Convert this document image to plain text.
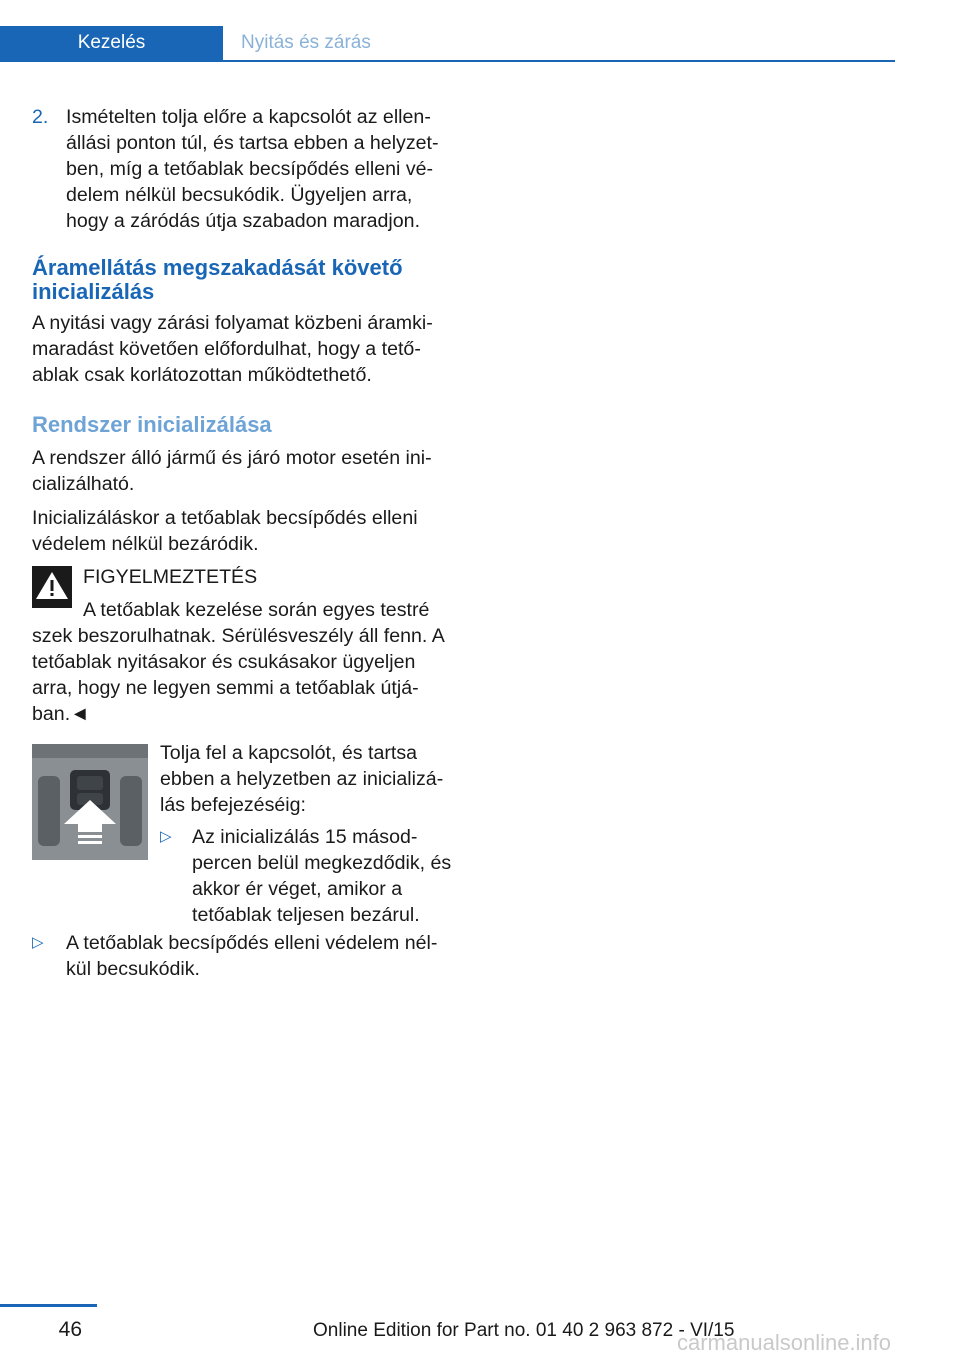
Kezelés	Nyitás és zárás
2. Ismételten tolja előre a kapcsolót az ellenállási ponton túl, és tartsa ebben a helyzetben, míg a tetőablak becsípődés elleni védelem nélkül becsukódik. Ügyeljen arra, hogy a záródás útja szabadon maradjon.

Áramellátás megszakadását követő inicializálás

A nyitási vagy zárási folyamat közbeni áramkimaradást követően előfordulhat, hogy a tetőablak csak korlátozottan működtethető.

Rendszer inicializálása

A rendszer álló jármű és járó motor esetén inicializálható.

Inicializáláskor a tetőablak becsípődés elleni védelem nélkül bezáródik.

FIGYELMEZTETÉS
A tetőablak kezelése során egyes testré

szek beszorulhatnak. Sérülésveszély áll fenn. A tetőablak nyitásakor és csukásakor ügyeljen arra, hogy ne legyen semmi a tetőablak útjában.◄

Tolja fel a kapcsolót, és tartsa ebben a helyzetben az inicializálás befejezéséig:

▷ Az inicializálás 15 másodpercen belül megkezdődik, és akkor ér véget, amikor a tetőablak teljesen bezárul.
▷ A tetőablak becsípődés elleni védelem nélkül becsukódik.
46	Online Edition for Part no. 01 40 2 963 872 - VI/15
carmanualsonline.info
